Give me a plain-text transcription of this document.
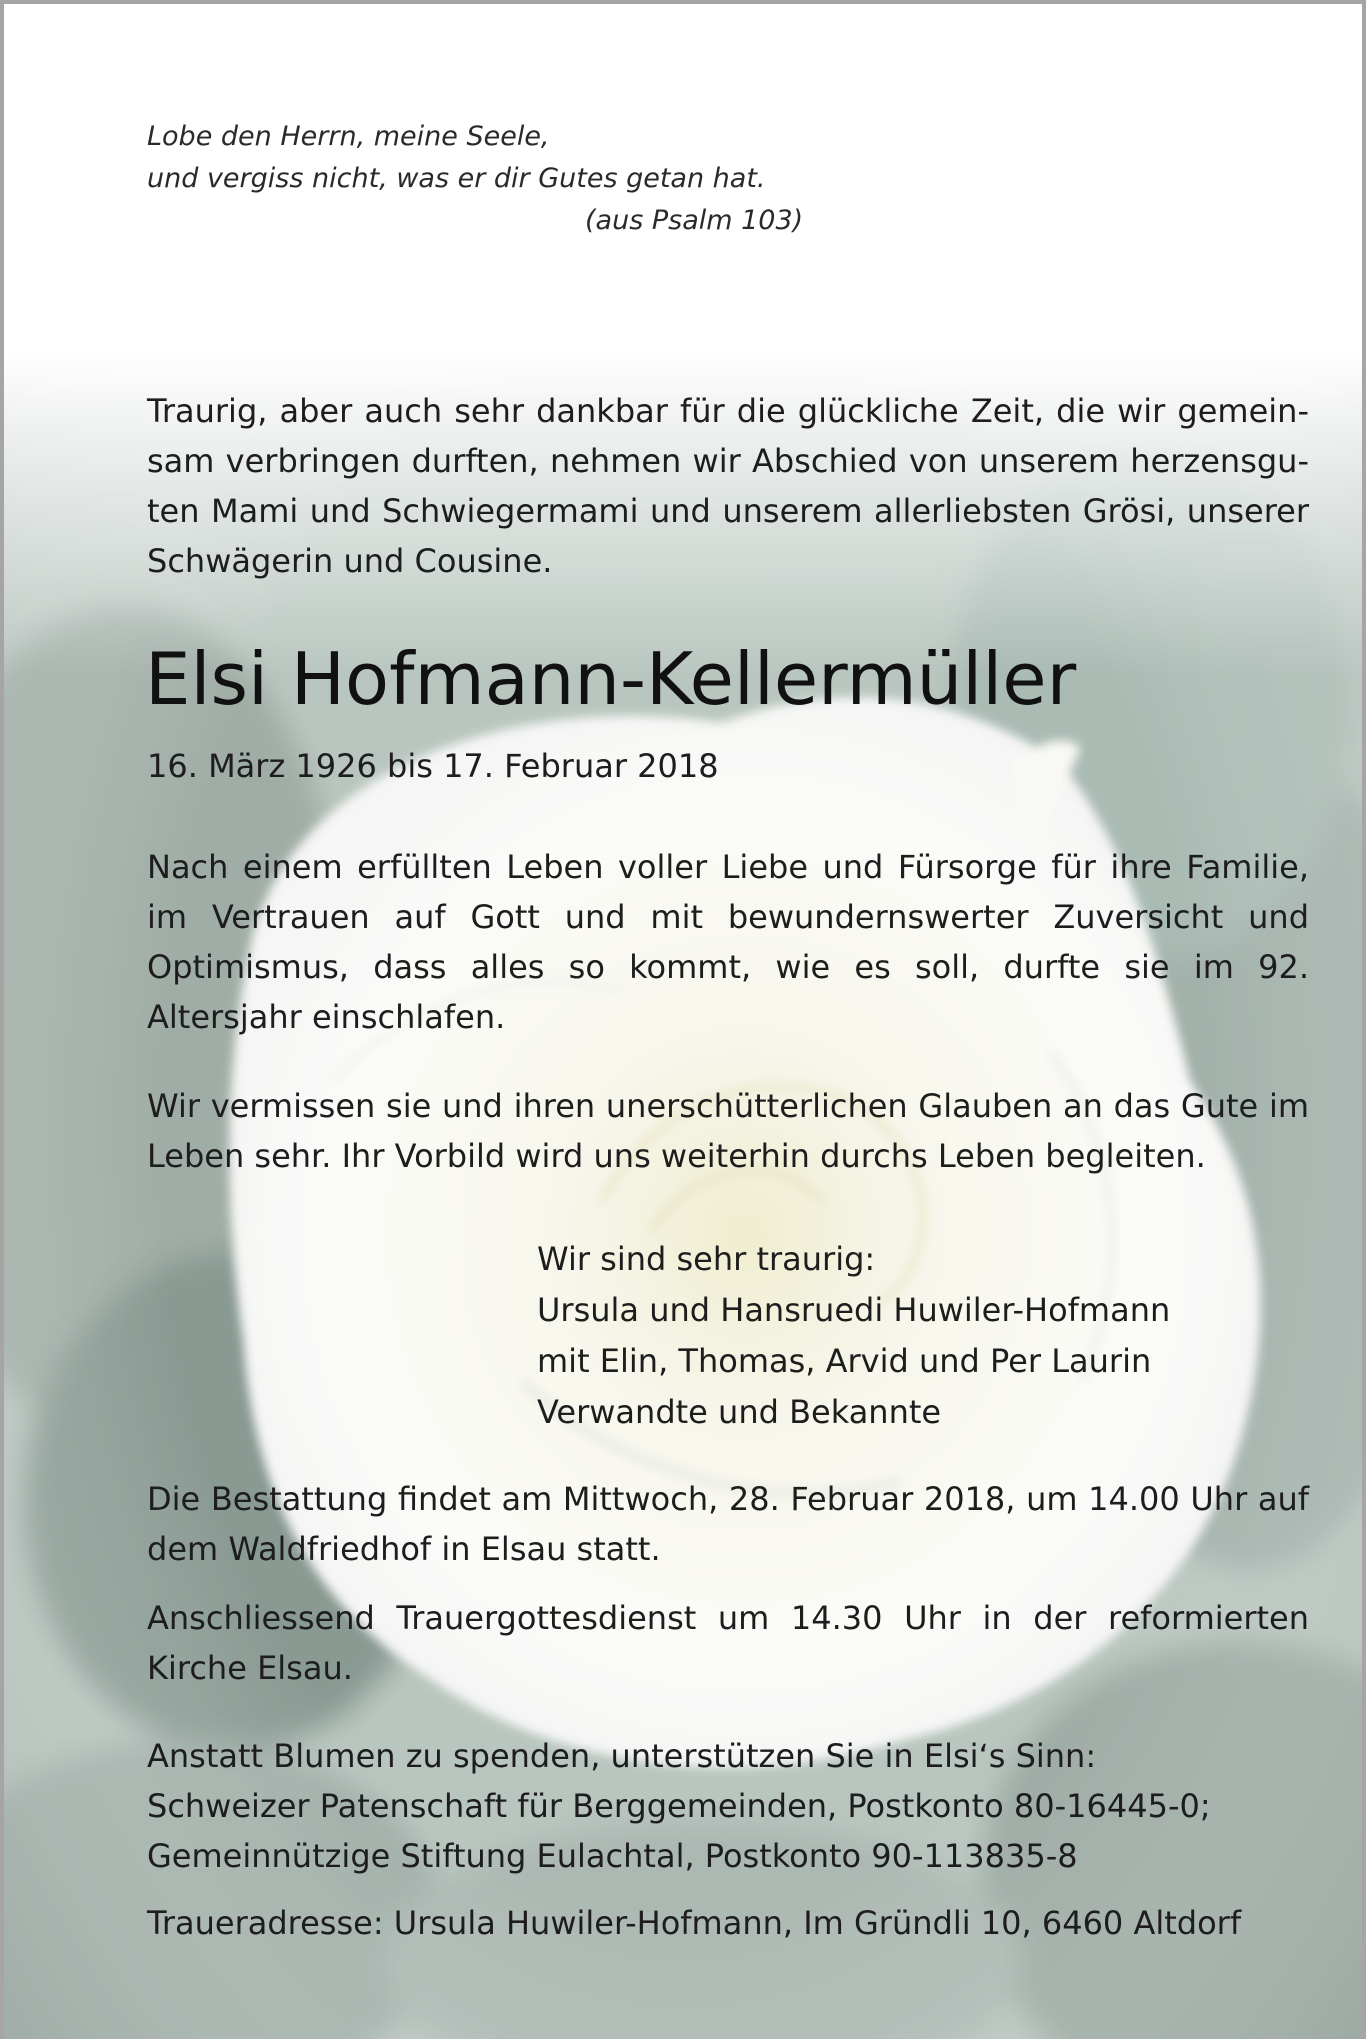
Lobe den Herrn, meine Seele,
und vergiss nicht, was er dir Gutes getan hat.
(aus Psalm 103)
Traurig, aber auch sehr dankbar für die glückliche Zeit, die wir gemeinsam verbringen durften, nehmen wir Abschied von unserem herzensguten Mami und Schwiegermami und unserem allerliebsten Grösi, unserer Schwägerin und Cousine.
Elsi Hofmann-Kellermüller
16. März 1926 bis 17. Februar 2018
Nach einem erfüllten Leben voller Liebe und Fürsorge für ihre Familie, im Vertrauen auf Gott und mit bewundernswerter Zuversicht und Optimismus, dass alles so kommt, wie es soll, durfte sie im 92. Altersjahr einschlafen.
Wir vermissen sie und ihren unerschütterlichen Glauben an das Gute im Leben sehr. Ihr Vorbild wird uns weiterhin durchs Leben begleiten.
Wir sind sehr traurig:
Ursula und Hansruedi Huwiler-Hofmann
mit Elin, Thomas, Arvid und Per Laurin
Verwandte und Bekannte
Die Bestattung findet am Mittwoch, 28. Februar 2018, um 14.00 Uhr auf dem Waldfriedhof in Elsau statt.
Anschliessend Trauergottesdienst um 14.30 Uhr in der reformierten Kirche Elsau.
Anstatt Blumen zu spenden, unterstützen Sie in Elsi‘s Sinn:
Schweizer Patenschaft für Berggemeinden, Postkonto 80-16445-0;
Gemeinnützige Stiftung Eulachtal, Postkonto 90-113835-8
Traueradresse: Ursula Huwiler-Hofmann, Im Gründli 10, 6460 Altdorf
